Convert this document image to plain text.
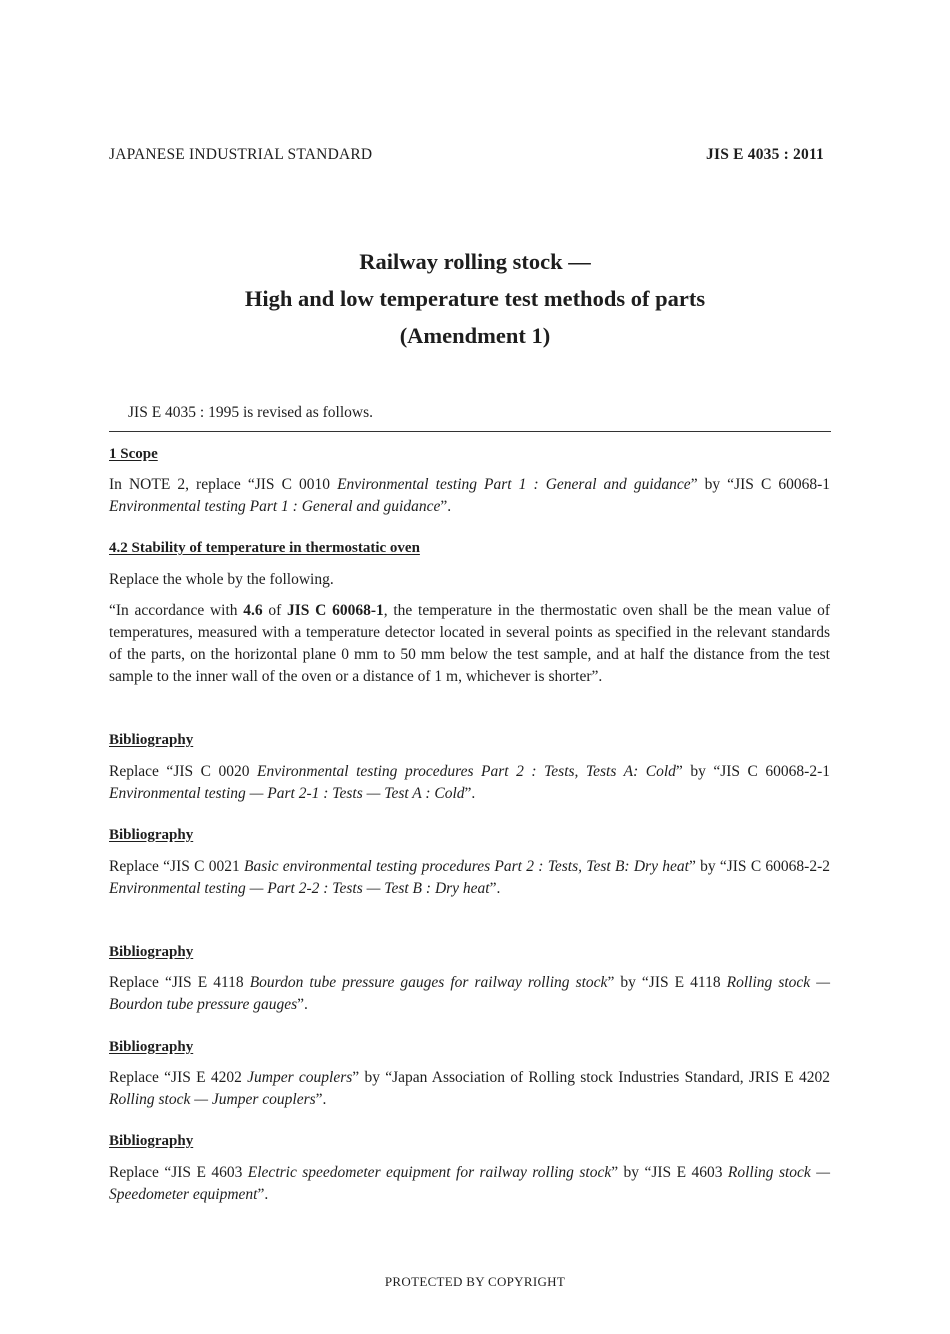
JAPANESE INDUSTRIAL STANDARD	JIS E 4035 : 2011
Railway rolling stock —
High and low temperature test methods of parts
(Amendment 1)
JIS E 4035 : 1995 is revised as follows.
1 Scope
In NOTE 2, replace “JIS C 0010 Environmental testing Part 1 : General and guidance” by “JIS C 60068-1 Environmental testing Part 1 : General and guidance”.
4.2 Stability of temperature in thermostatic oven
Replace the whole by the following.
“In accordance with 4.6 of JIS C 60068-1, the temperature in the thermostatic oven shall be the mean value of temperatures, measured with a temperature detector located in several points as specified in the relevant standards of the parts, on the horizontal plane 0 mm to 50 mm below the test sample, and at half the distance from the test sample to the inner wall of the oven or a distance of 1 m, whichever is shorter”.
Bibliography
Replace “JIS C 0020 Environmental testing procedures Part 2 : Tests, Tests A: Cold” by “JIS C 60068-2-1 Environmental testing — Part 2-1 : Tests — Test A : Cold”.
Bibliography
Replace “JIS C 0021 Basic environmental testing procedures Part 2 : Tests, Test B: Dry heat” by “JIS C 60068-2-2 Environmental testing — Part 2-2 : Tests — Test B : Dry heat”.
Bibliography
Replace “JIS E 4118 Bourdon tube pressure gauges for railway rolling stock” by “JIS E 4118 Rolling stock — Bourdon tube pressure gauges”.
Bibliography
Replace “JIS E 4202 Jumper couplers” by “Japan Association of Rolling stock Industries Standard, JRIS E 4202 Rolling stock — Jumper couplers”.
Bibliography
Replace “JIS E 4603 Electric speedometer equipment for railway rolling stock” by “JIS E 4603 Rolling stock — Speedometer equipment”.
PROTECTED BY COPYRIGHT
